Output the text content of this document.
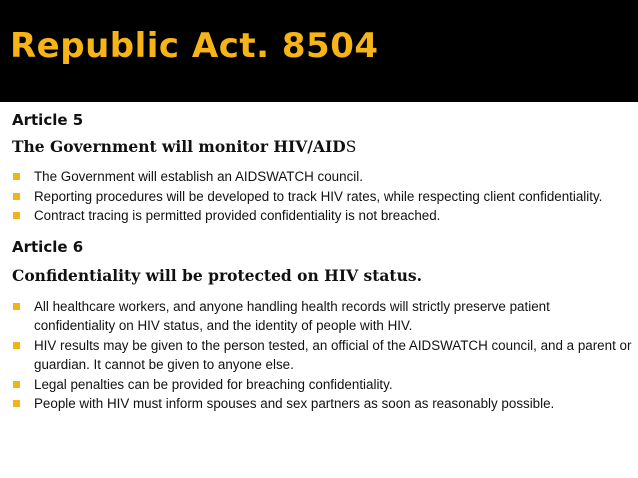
Republic Act. 8504

Article 5

The Government will monitor HIV/AIDS

The Government will establish an AIDSWATCH council.
Reporting procedures will be developed to track HIV rates, while respecting client confidentiality.
Contract tracing is permitted provided confidentiality is not breached.

Article 6

Confidentiality will be protected on HIV status.

All healthcare workers, and anyone handling health records will strictly preserve patient confidentiality on HIV status, and the identity of people with HIV.
HIV results may be given to the person tested, an official of the AIDSWATCH council, and a parent or guardian. It cannot be given to anyone else.
Legal penalties can be provided for breaching confidentiality.
People with HIV must inform spouses and sex partners as soon as reasonably possible.
